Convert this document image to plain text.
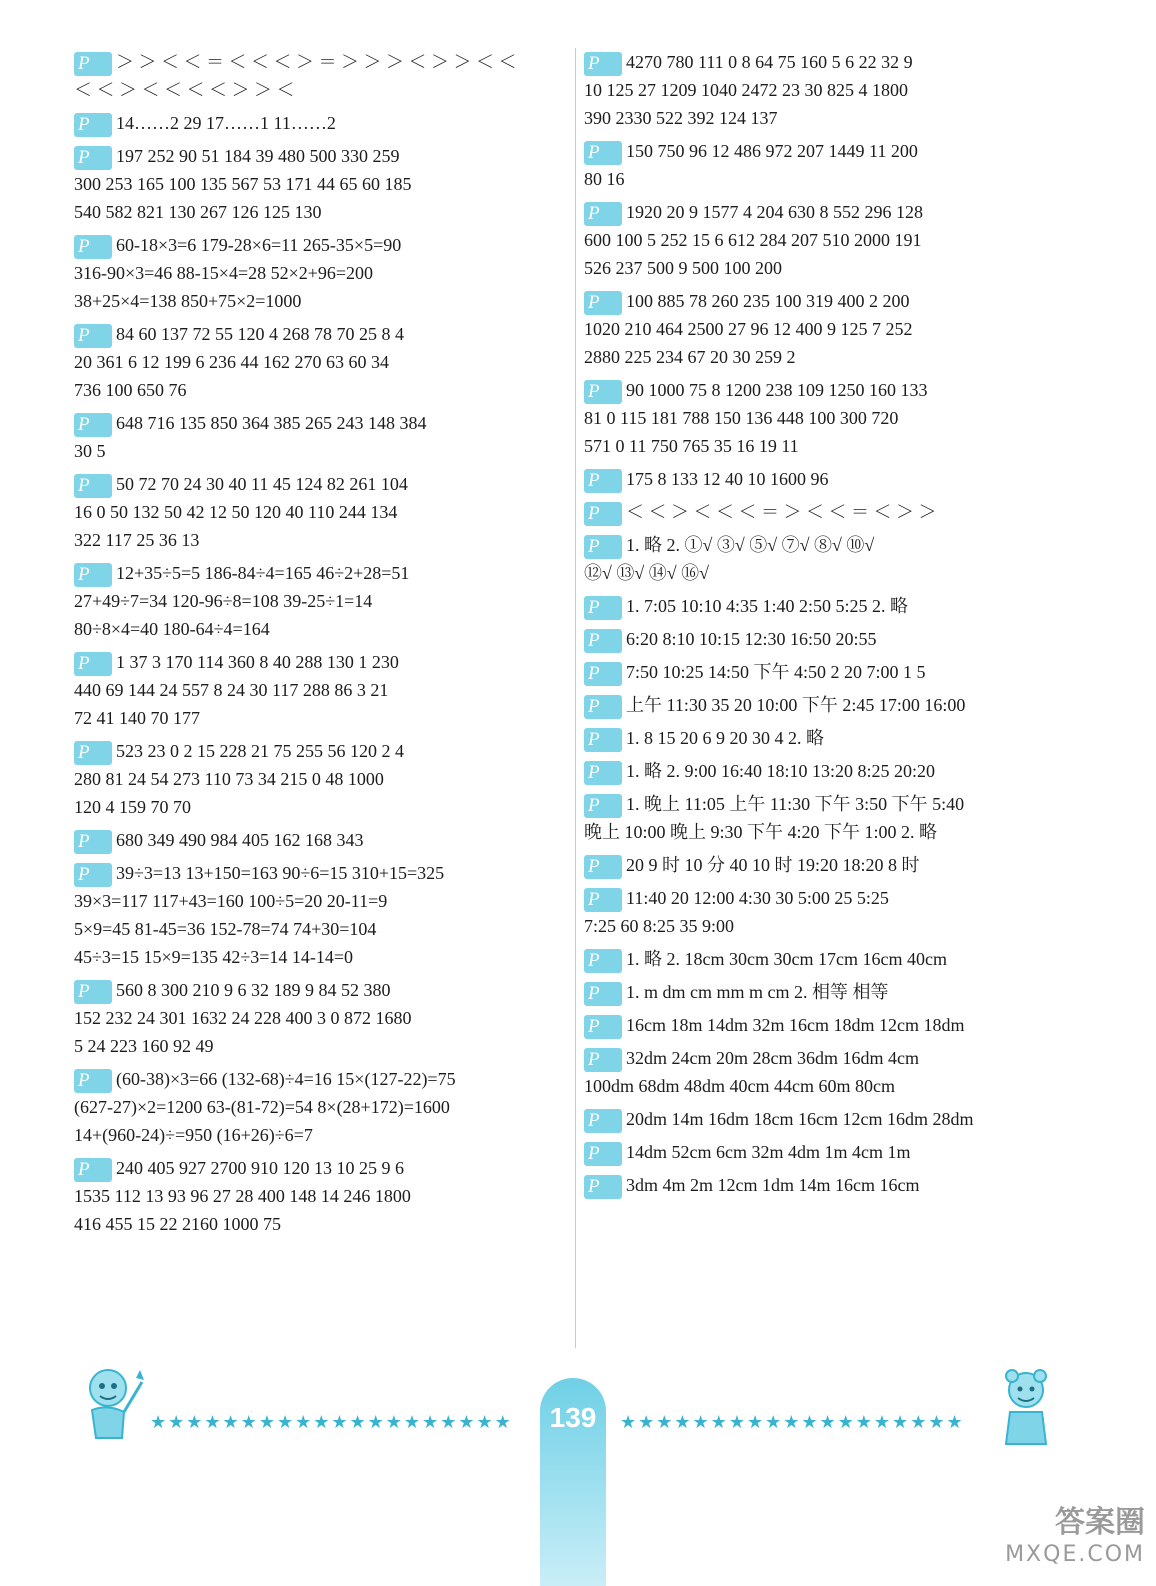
P ＞ ＞ ＜ ＜ ＝ ＜ ＜ ＜ ＞ ＝ ＞ ＞ ＞ ＜ ＞ ＞ ＜ ＜
＜ ＜ ＞ ＜ ＜ ＜ ＜ ＞ ＞ ＜
P 14……2 29 17……1 11……2
P 197 252 90 51 184 39 480 500 330 259
300 253 165 100 135 567 53 171 44 65 60 185
540 582 821 130 267 126 125 130
P 60-18×3=6 179-28×6=11 265-35×5=90
316-90×3=46 88-15×4=28 52×2+96=200
38+25×4=138 850+75×2=1000
P 84 60 137 72 55 120 4 268 78 70 25 8 4
20 361 6 12 199 6 236 44 162 270 63 60 34
736 100 650 76
P 648 716 135 850 364 385 265 243 148 384
30 5
P 50 72 70 24 30 40 11 45 124 82 261 104
16 0 50 132 50 42 12 50 120 40 110 244 134
322 117 25 36 13
P 12+35÷5=5 186-84÷4=165 46÷2+28=51
27+49÷7=34 120-96÷8=108 39-25÷1=14
80÷8×4=40 180-64÷4=164
P 1 37 3 170 114 360 8 40 288 130 1 230
440 69 144 24 557 8 24 30 117 288 86 3 21
72 41 140 70 177
P 523 23 0 2 15 228 21 75 255 56 120 2 4
280 81 24 54 273 110 73 34 215 0 48 1000
120 4 159 70 70
P 680 349 490 984 405 162 168 343
P 39÷3=13 13+150=163 90÷6=15 310+15=325
39×3=117 117+43=160 100÷5=20 20-11=9
5×9=45 81-45=36 152-78=74 74+30=104
45÷3=15 15×9=135 42÷3=14 14-14=0
P 560 8 300 210 9 6 32 189 9 84 52 380
152 232 24 301 1632 24 228 400 3 0 872 1680
5 24 223 160 92 49
P (60-38)×3=66 (132-68)÷4=16 15×(127-22)=75
(627-27)×2=1200 63-(81-72)=54 8×(28+172)=1600
14+(960-24)÷=950 (16+26)÷6=7
P 240 405 927 2700 910 120 13 10 25 9 6
1535 112 13 93 96 27 28 400 148 14 246 1800
416 455 15 22 2160 1000 75
P 4270 780 111 0 8 64 75 160 5 6 22 32 9
10 125 27 1209 1040 2472 23 30 825 4 1800
390 2330 522 392 124 137
P 150 750 96 12 486 972 207 1449 11 200
80 16
P 1920 20 9 1577 4 204 630 8 552 296 128
600 100 5 252 15 6 612 284 207 510 2000 191
526 237 500 9 500 100 200
P 100 885 78 260 235 100 319 400 2 200
1020 210 464 2500 27 96 12 400 9 125 7 252
2880 225 234 67 20 30 259 2
P 90 1000 75 8 1200 238 109 1250 160 133
81 0 115 181 788 150 136 448 100 300 720
571 0 11 750 765 35 16 19 11
P 175 8 133 12 40 10 1600 96
P ＜ ＜ ＞ ＜ ＜ ＜ ＝ ＞ ＜ ＜ ＝ ＜ ＞ ＞
P 1. 略 2. ①√ ③√ ⑤√ ⑦√ ⑧√ ⑩√
⑫√ ⑬√ ⑭√ ⑯√
P 1. 7:05 10:10 4:35 1:40 2:50 5:25 2. 略
P 6:20 8:10 10:15 12:30 16:50 20:55
P 7:50 10:25 14:50 下午 4:50 2 20 7:00 1 5
P 上午 11:30 35 20 10:00 下午 2:45 17:00 16:00
P 1. 8 15 20 6 9 20 30 4 2. 略
P 1. 略 2. 9:00 16:40 18:10 13:20 8:25 20:20
P 1. 晚上 11:05 上午 11:30 下午 3:50 下午 5:40
晚上 10:00 晚上 9:30 下午 4:20 下午 1:00 2. 略
P 20 9 时 10 分 40 10 时 19:20 18:20 8 时
P 11:40 20 12:00 4:30 30 5:00 25 5:25
7:25 60 8:25 35 9:00
P 1. 略 2. 18cm 30cm 30cm 17cm 16cm 40cm
P 1. m dm cm mm m cm 2. 相等 相等
P 16cm 18m 14dm 32m 16cm 18dm 12cm 18dm
P 32dm 24cm 20m 28cm 36dm 16dm 4cm
100dm 68dm 48dm 40cm 44cm 60m 80cm
P 20dm 14m 16dm 18cm 16cm 12cm 16dm 28dm
P 14dm 52cm 6cm 32m 4dm 1m 4cm 1m
P 3dm 4m 2m 12cm 1dm 14m 16cm 16cm
★★★★★★★★★★★★★★★★★★★★	139	★★★★★★★★★★★★★★★★★★★
答案圈
MXQE.COM
